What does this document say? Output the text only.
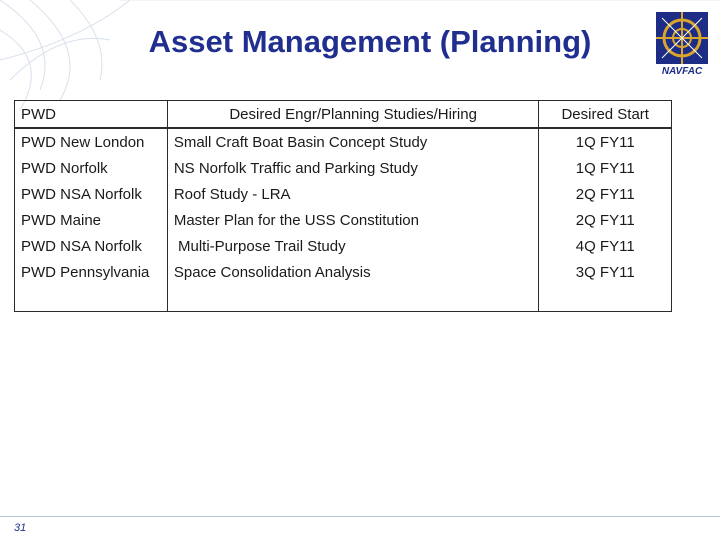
Asset Management (Planning)
NAVFAC
PWD	Desired Engr/Planning Studies/Hiring	Desired Start
PWD New London	Small Craft Boat Basin Concept Study	1Q FY11
PWD Norfolk	NS Norfolk Traffic and Parking Study	1Q FY11
PWD NSA Norfolk	Roof Study - LRA	2Q FY11
PWD Maine	Master Plan for the USS Constitution	2Q FY11
PWD NSA Norfolk	Multi-Purpose Trail Study	4Q FY11
PWD Pennsylvania	Space Consolidation Analysis	3Q FY11

31
